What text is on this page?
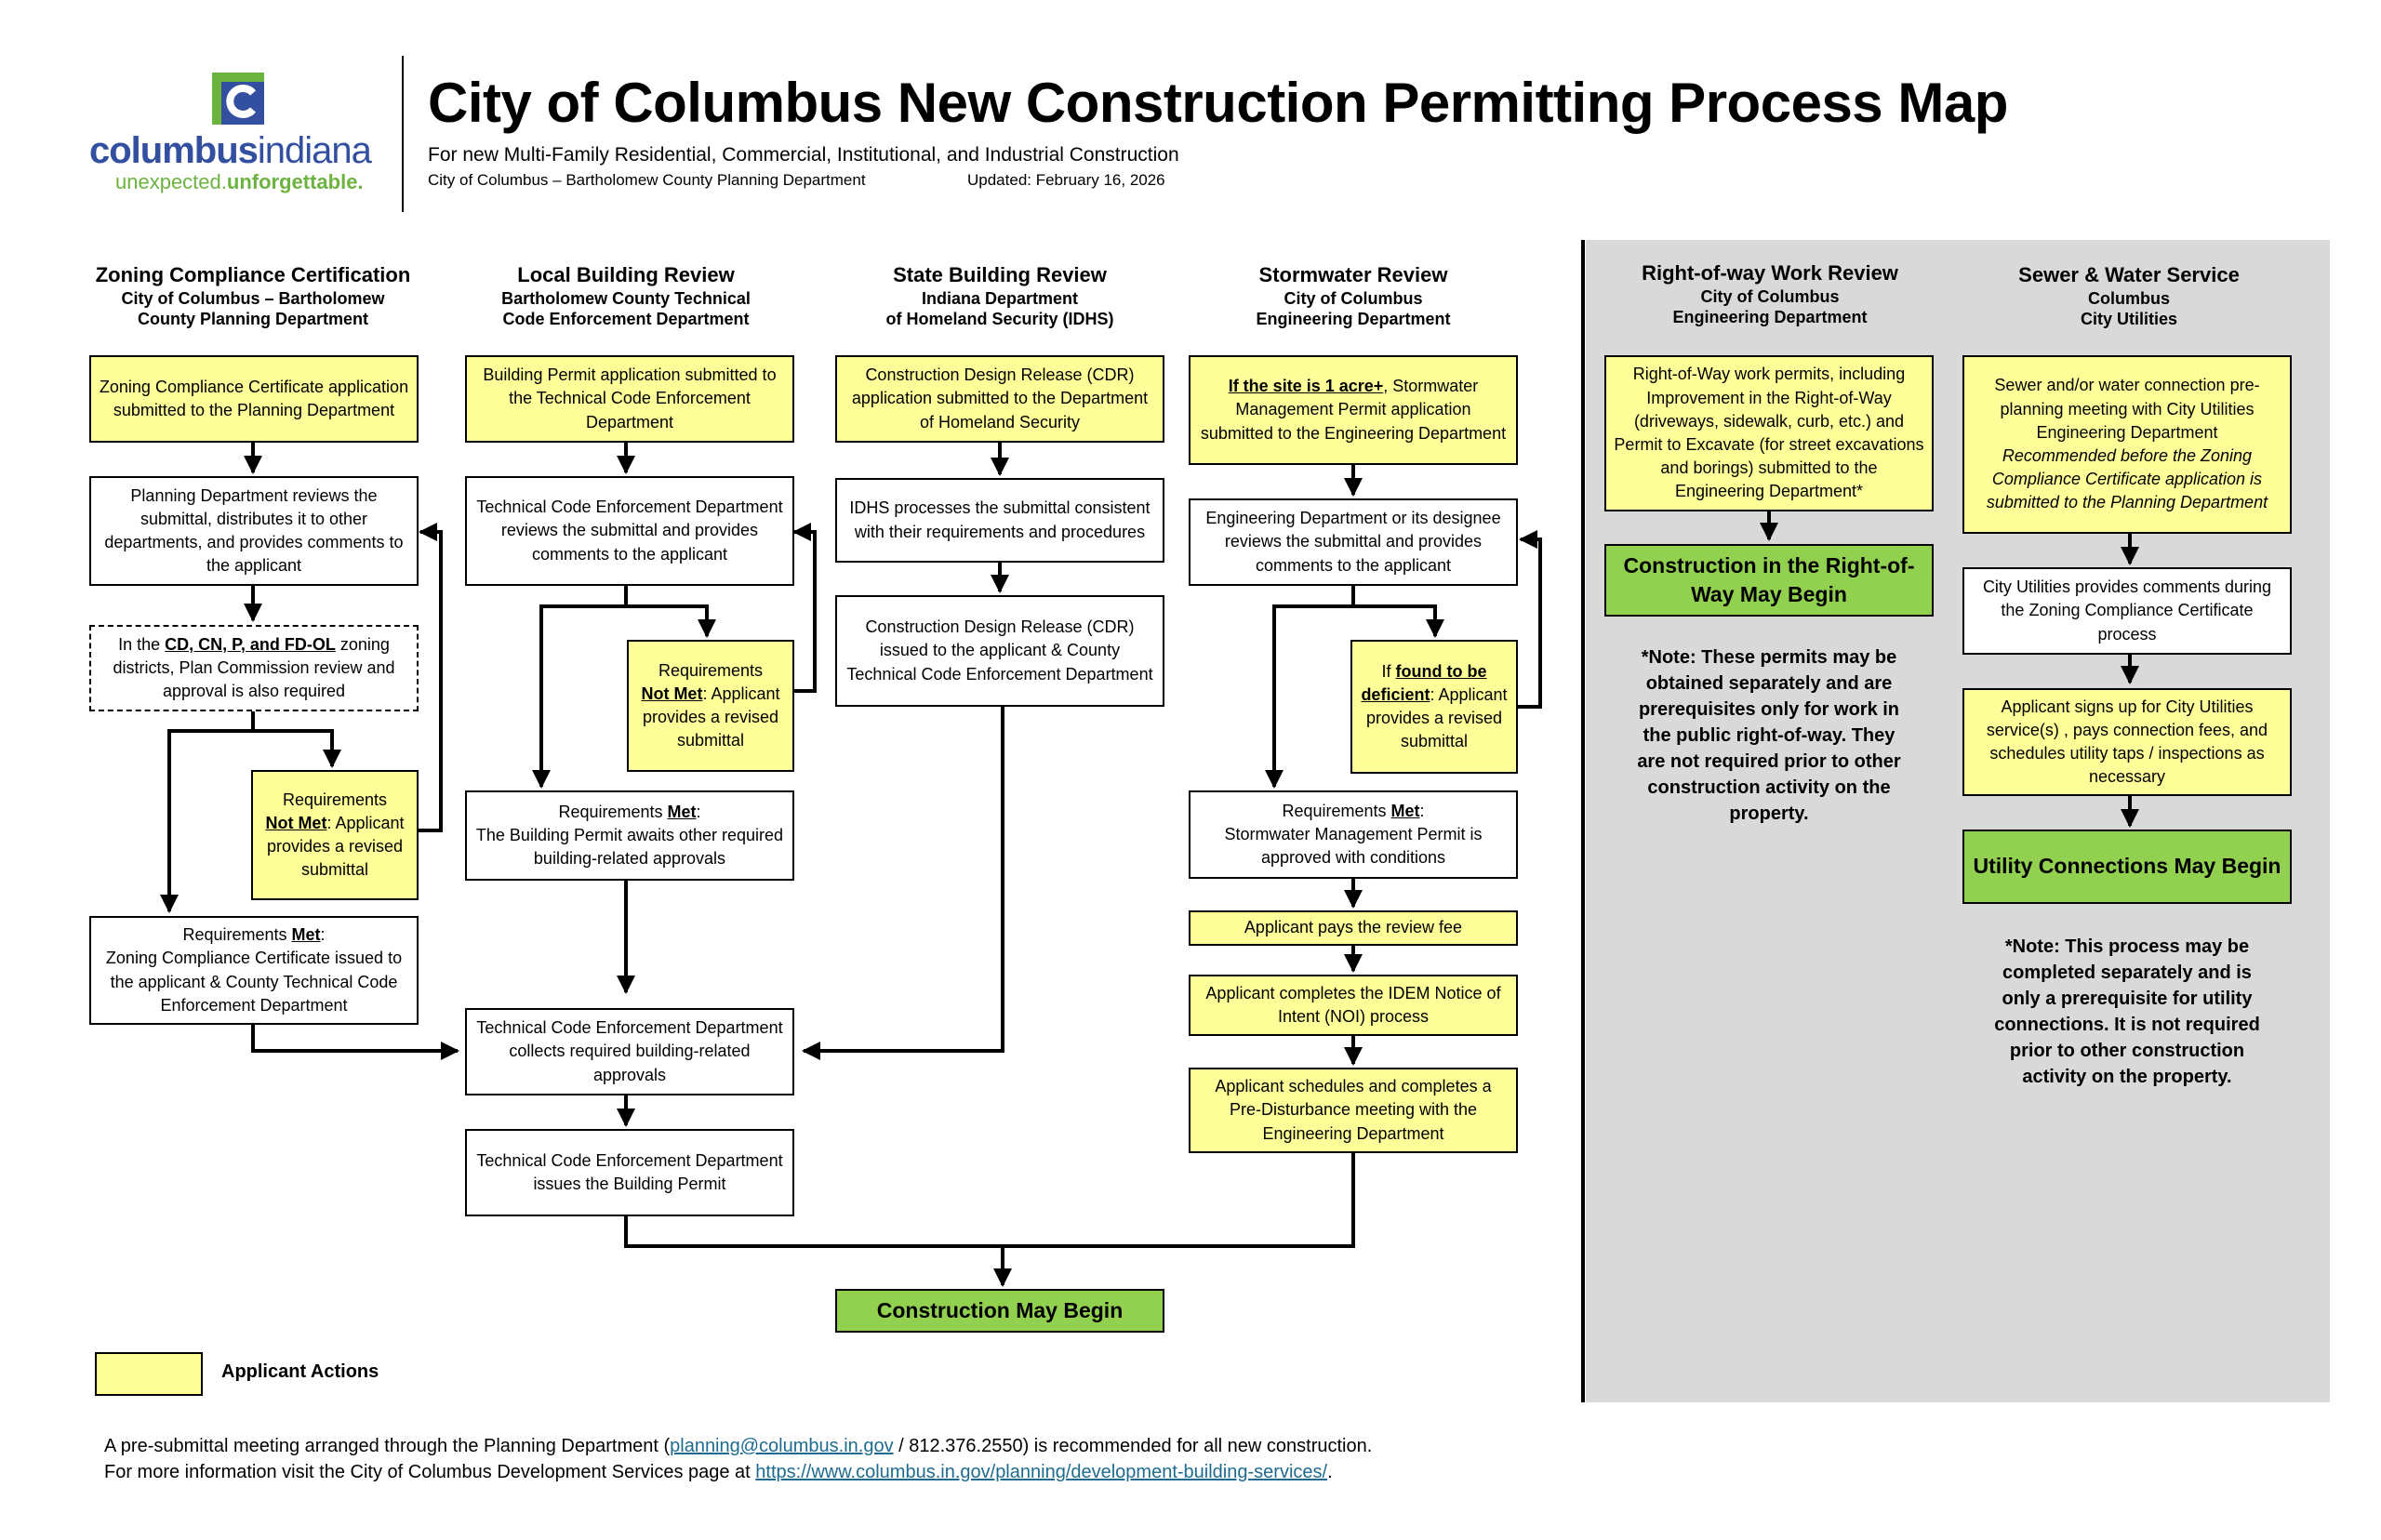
columbusindiana
unexpected.unforgettable.
City of Columbus New Construction Permitting Process Map
For new Multi-Family Residential, Commercial, Institutional, and Industrial Construction
City of Columbus – Bartholomew County Planning Department	Updated: February 16, 2026
Zoning Compliance Certification
City of Columbus – Bartholomew
County Planning Department
Local Building Review
Bartholomew County Technical
Code Enforcement Department
State Building Review
Indiana Department
of Homeland Security (IDHS)
Stormwater Review
City of Columbus
Engineering Department
Right-of-way Work Review
City of Columbus
Engineering Department
Sewer & Water Service
Columbus
City Utilities
Zoning Compliance Certificate application submitted to the Planning Department
Planning Department reviews the submittal, distributes it to other departments, and provides comments to the applicant
In the CD, CN, P, and FD-OL zoning districts, Plan Commission review and approval is also required
Requirements
Not Met: Applicant provides a revised submittal
Requirements Met:
Zoning Compliance Certificate issued to the applicant & County Technical Code Enforcement Department
Building Permit application submitted to the Technical Code Enforcement Department
Technical Code Enforcement Department reviews the submittal and provides comments to the applicant
Requirements
Not Met: Applicant provides a revised submittal
Requirements Met:
The Building Permit awaits other required building-related approvals
Technical Code Enforcement Department collects required building-related approvals
Technical Code Enforcement Department issues the Building Permit
Construction Design Release (CDR) application submitted to the Department of Homeland Security
IDHS processes the submittal consistent with their requirements and procedures
Construction Design Release (CDR) issued to the applicant & County Technical Code Enforcement Department
If the site is 1 acre+, Stormwater Management Permit application submitted to the Engineering Department
Engineering Department or its designee reviews the submittal and provides comments to the applicant
If found to be deficient: Applicant provides a revised submittal
Requirements Met:
Stormwater Management Permit is approved with conditions
Applicant pays the review fee
Applicant completes the IDEM Notice of Intent (NOI) process
Applicant schedules and completes a Pre-Disturbance meeting with the Engineering Department
Construction May Begin
Right-of-Way work permits, including Improvement in the Right-of-Way (driveways, sidewalk, curb, etc.) and Permit to Excavate (for street excavations and borings) submitted to the Engineering Department*
Construction in the Right-of-Way May Begin
*Note: These permits may be obtained separately and are prerequisites only for work in the public right-of-way. They are not required prior to other construction activity on the property.
Sewer and/or water connection pre-planning meeting with City Utilities Engineering Department
Recommended before the Zoning Compliance Certificate application is submitted to the Planning Department
City Utilities provides comments during the Zoning Compliance Certificate process
Applicant signs up for City Utilities service(s) , pays connection fees, and schedules utility taps / inspections as necessary
Utility Connections May Begin
*Note: This process may be completed separately and is only a prerequisite for utility connections. It is not required prior to other construction activity on the property.
Applicant Actions
A pre-submittal meeting arranged through the Planning Department (planning@columbus.in.gov / 812.376.2550) is recommended for all new construction.
For more information visit the City of Columbus Development Services page at https://www.columbus.in.gov/planning/development-building-services/.
